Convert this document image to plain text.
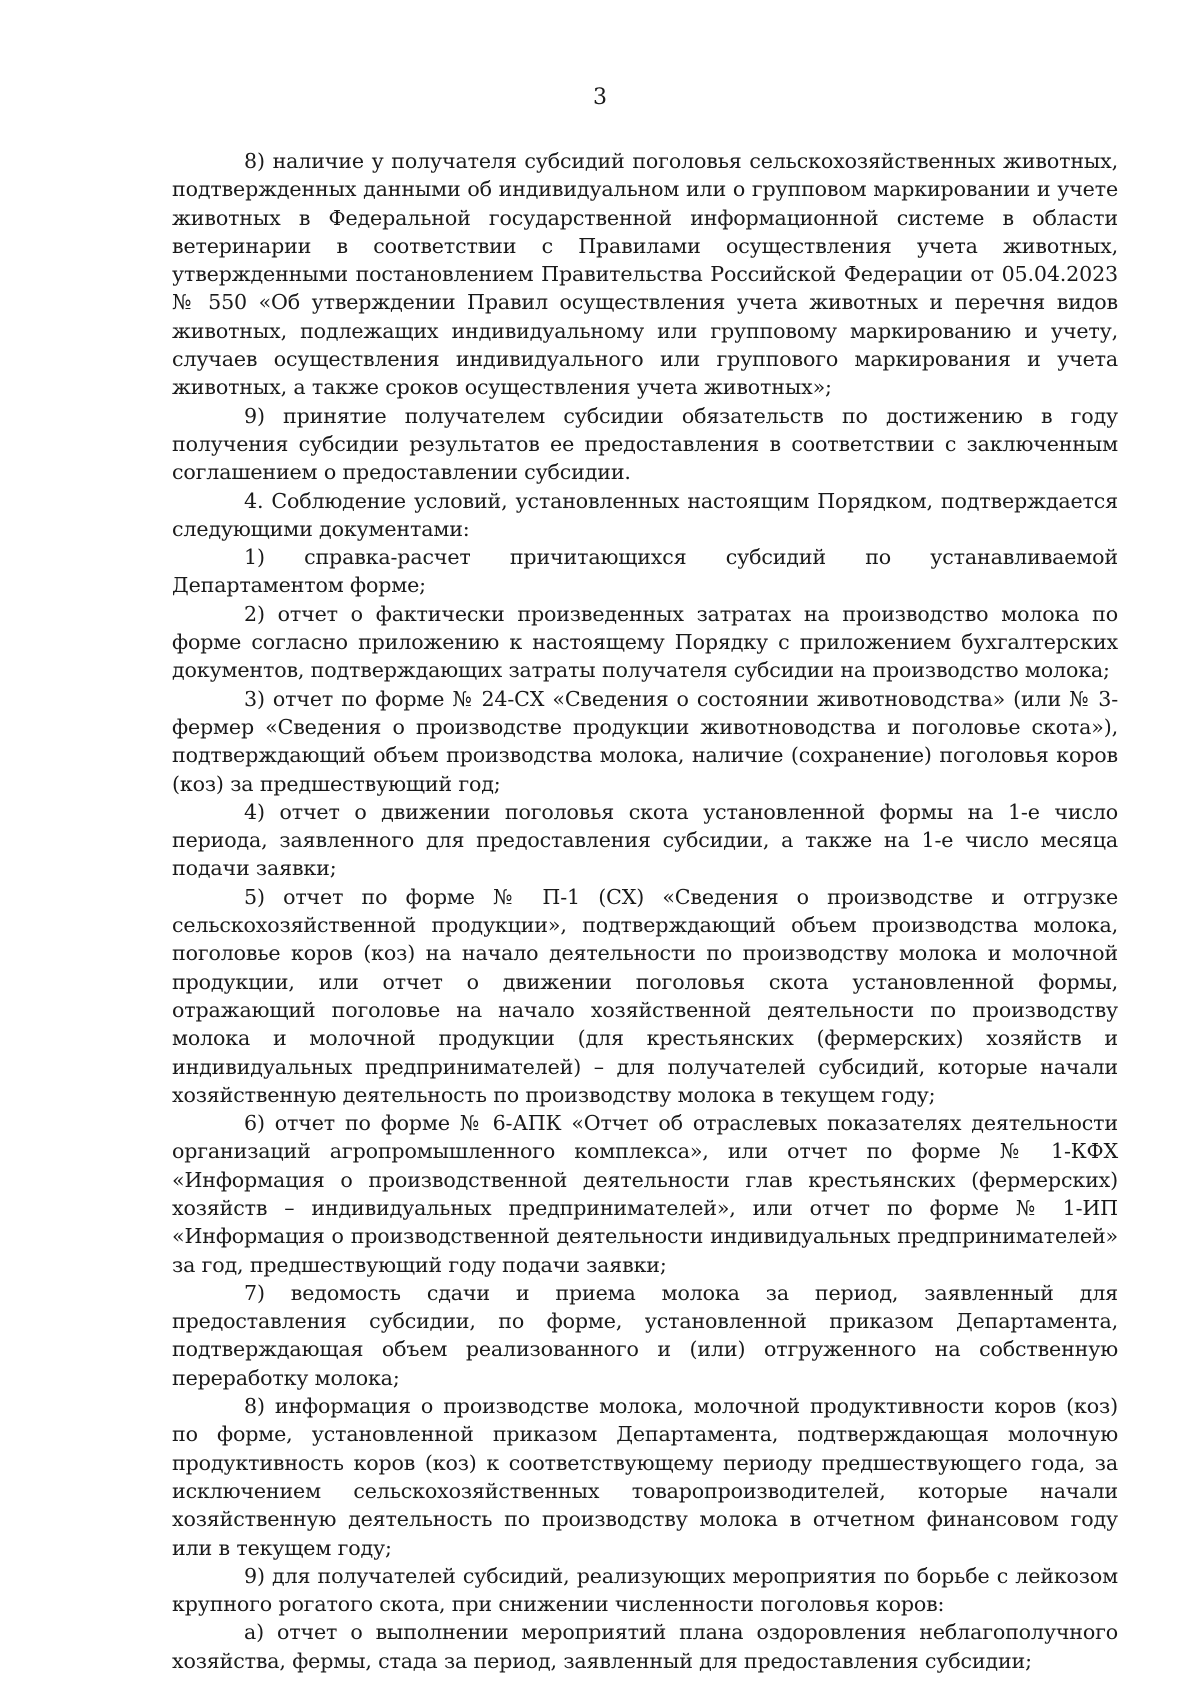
3

8) наличие у получателя субсидий поголовья сельскохозяйственных животных, подтвержденных данными об индивидуальном или о групповом маркировании и учете животных в Федеральной государственной информационной системе в области ветеринарии в соответствии с Правилами осуществления учета животных, утвержденными постановлением Правительства Российской Федерации от 05.04.2023 № 550 «Об утверждении Правил осуществления учета животных и перечня видов животных, подлежащих индивидуальному или групповому маркированию и учету, случаев осуществления индивидуального или группового маркирования и учета животных, а также сроков осуществления учета животных»;

9) принятие получателем субсидии обязательств по достижению в году получения субсидии результатов ее предоставления в соответствии с заключенным соглашением о предоставлении субсидии.

4. Соблюдение условий, установленных настоящим Порядком, подтверждается следующими документами:

1) справка-расчет причитающихся субсидий по устанавливаемой Департаментом форме;

2) отчет о фактически произведенных затратах на производство молока по форме согласно приложению к настоящему Порядку с приложением бухгалтерских документов, подтверждающих затраты получателя субсидии на производство молока;

3) отчет по форме № 24-СХ «Сведения о состоянии животноводства» (или № 3-фермер «Сведения о производстве продукции животноводства и поголовье скота»), подтверждающий объем производства молока, наличие (сохранение) поголовья коров (коз) за предшествующий год;

4) отчет о движении поголовья скота установленной формы на 1-е число периода, заявленного для предоставления субсидии, а также на 1-е число месяца подачи заявки;

5) отчет по форме № П-1 (СХ) «Сведения о производстве и отгрузке сельскохозяйственной продукции», подтверждающий объем производства молока, поголовье коров (коз) на начало деятельности по производству молока и молочной продукции, или отчет о движении поголовья скота установленной формы, отражающий поголовье на начало хозяйственной деятельности по производству молока и молочной продукции (для крестьянских (фермерских) хозяйств и индивидуальных предпринимателей) – для получателей субсидий, которые начали хозяйственную деятельность по производству молока в текущем году;

6) отчет по форме № 6-АПК «Отчет об отраслевых показателях деятельности организаций агропромышленного комплекса», или отчет по форме № 1-КФХ «Информация о производственной деятельности глав крестьянских (фермерских) хозяйств – индивидуальных предпринимателей», или отчет по форме № 1-ИП «Информация о производственной деятельности индивидуальных предпринимателей» за год, предшествующий году подачи заявки;

7) ведомость сдачи и приема молока за период, заявленный для предоставления субсидии, по форме, установленной приказом Департамента, подтверждающая объем реализованного и (или) отгруженного на собственную переработку молока;

8) информация о производстве молока, молочной продуктивности коров (коз) по форме, установленной приказом Департамента, подтверждающая молочную продуктивность коров (коз) к соответствующему периоду предшествующего года, за исключением сельскохозяйственных товаропроизводителей, которые начали хозяйственную деятельность по производству молока в отчетном финансовом году или в текущем году;

9) для получателей субсидий, реализующих мероприятия по борьбе с лейкозом крупного рогатого скота, при снижении численности поголовья коров:

а) отчет о выполнении мероприятий плана оздоровления неблагополучного хозяйства, фермы, стада за период, заявленный для предоставления субсидии;
